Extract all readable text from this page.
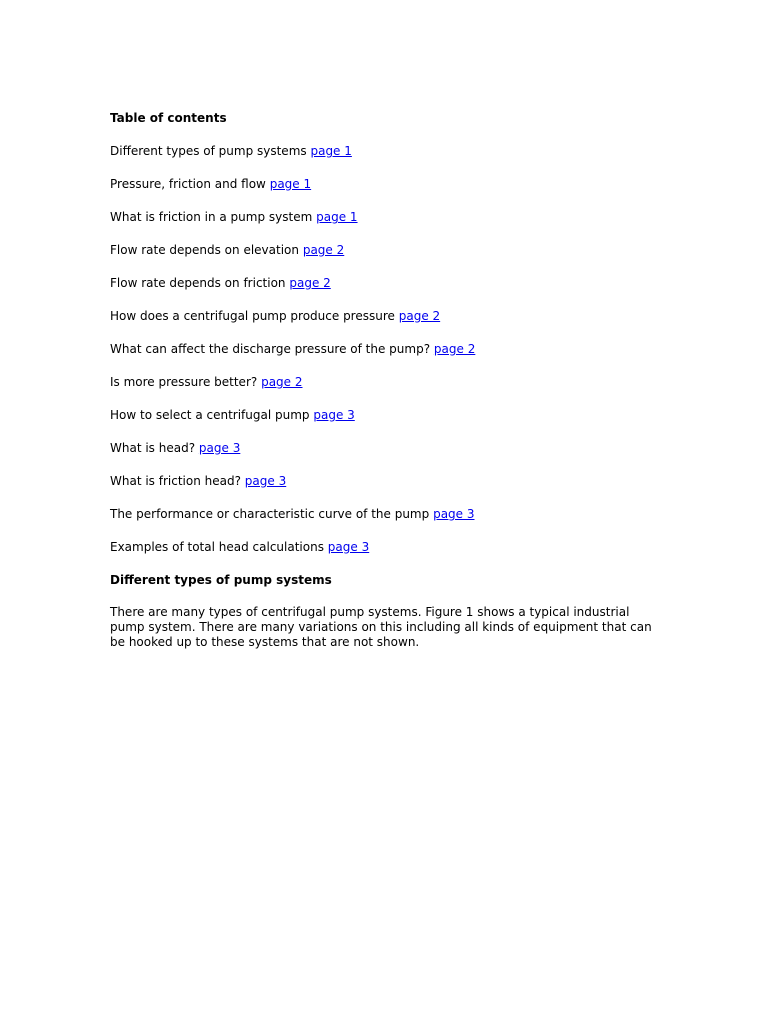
Table of contents
Different types of pump systems page 1
Pressure, friction and flow page 1
What is friction in a pump system page 1
Flow rate depends on elevation page 2
Flow rate depends on friction page 2
How does a centrifugal pump produce pressure page 2
What can affect the discharge pressure of the pump? page 2
Is more pressure better? page 2
How to select a centrifugal pump page 3
What is head? page 3
What is friction head? page 3
The performance or characteristic curve of the pump page 3
Examples of total head calculations page 3
Different types of pump systems

There are many types of centrifugal pump systems. Figure 1 shows a typical industrial pump system. There are many variations on this including all kinds of equipment that can be hooked up to these systems that are not shown.
